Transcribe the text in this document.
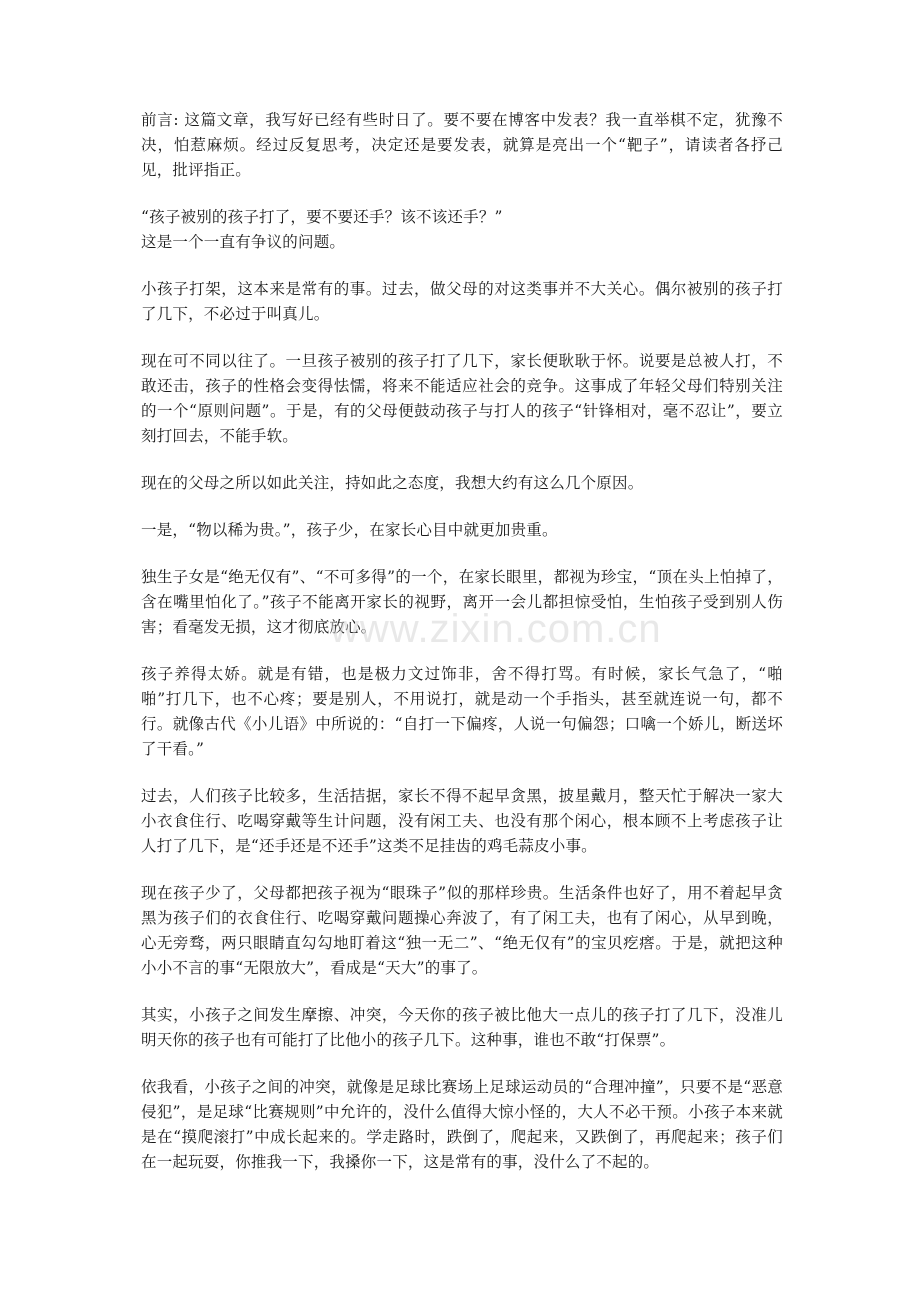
前言: 这篇文章，我写好已经有些时日了。要不要在博客中发表？我一直举棋不定，犹豫不决，怕惹麻烦。经过反复思考，决定还是要发表，就算是亮出一个“靶子”，请读者各抒己见，批评指正。

“孩子被别的孩子打了，要不要还手？该不该还手？”
这是一个一直有争议的问题。

小孩子打架，这本来是常有的事。过去，做父母的对这类事并不大关心。偶尔被别的孩子打了几下，不必过于叫真儿。

现在可不同以往了。一旦孩子被别的孩子打了几下，家长便耿耿于怀。说要是总被人打，不敢还击，孩子的性格会变得怯懦，将来不能适应社会的竞争。这事成了年轻父母们特别关注的一个“原则问题”。于是，有的父母便鼓动孩子与打人的孩子“针锋相对，毫不忍让”，要立刻打回去，不能手软。

现在的父母之所以如此关注，持如此之态度，我想大约有这么几个原因。

一是，“物以稀为贵。”，孩子少，在家长心目中就更加贵重。

独生子女是“绝无仅有”、“不可多得”的一个，在家长眼里，都视为珍宝，“顶在头上怕掉了，含在嘴里怕化了。”孩子不能离开家长的视野，离开一会儿都担惊受怕，生怕孩子受到别人伤害；看毫发无损，这才彻底放心。

孩子养得太娇。就是有错，也是极力文过饰非，舍不得打骂。有时候，家长气急了，“啪啪”打几下，也不心疼；要是别人，不用说打，就是动一个手指头，甚至就连说一句，都不行。就像古代《小儿语》中所说的：“自打一下偏疼，人说一句偏怨；口噙一个娇儿，断送坏了干看。”

过去，人们孩子比较多，生活拮据，家长不得不起早贪黑，披星戴月，整天忙于解决一家大小衣食住行、吃喝穿戴等生计问题，没有闲工夫、也没有那个闲心，根本顾不上考虑孩子让人打了几下，是“还手还是不还手”这类不足挂齿的鸡毛蒜皮小事。

现在孩子少了，父母都把孩子视为“眼珠子”似的那样珍贵。生活条件也好了，用不着起早贪黑为孩子们的衣食住行、吃喝穿戴问题操心奔波了，有了闲工夫，也有了闲心，从早到晚，心无旁骛，两只眼睛直勾勾地盯着这“独一无二”、“绝无仅有”的宝贝疙瘩。于是，就把这种小小不言的事“无限放大”，看成是“天大”的事了。

其实，小孩子之间发生摩擦、冲突，今天你的孩子被比他大一点儿的孩子打了几下，没准儿明天你的孩子也有可能打了比他小的孩子几下。这种事，谁也不敢“打保票”。

依我看，小孩子之间的冲突，就像是足球比赛场上足球运动员的“合理冲撞”，只要不是“恶意侵犯”，是足球“比赛规则”中允许的，没什么值得大惊小怪的，大人不必干预。小孩子本来就是在“摸爬滚打”中成长起来的。学走路时，跌倒了，爬起来，又跌倒了，再爬起来；孩子们在一起玩耍，你推我一下，我搡你一下，这是常有的事，没什么了不起的。

www.zixin.com.cn
